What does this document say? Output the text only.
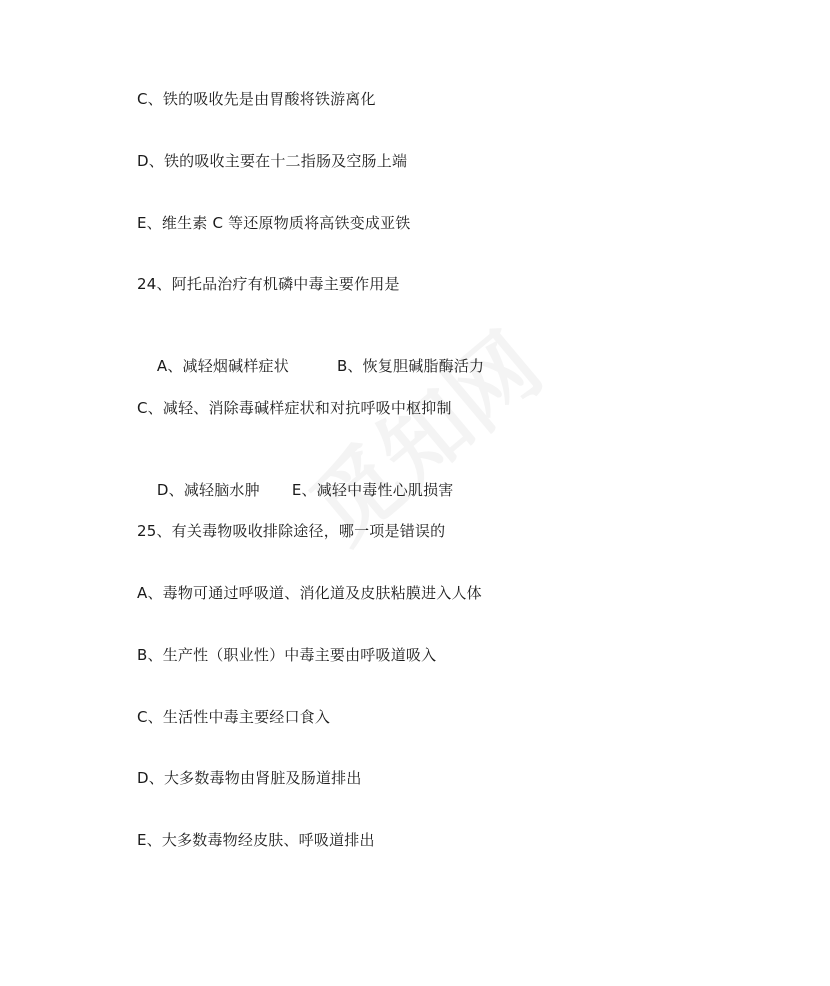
C、铁的吸收先是由胃酸将铁游离化
D、铁的吸收主要在十二指肠及空肠上端
E、维生素 C 等还原物质将高铁变成亚铁
24、阿托品治疗有机磷中毒主要作用是

A、减轻烟碱样症状	B、恢复胆碱脂酶活力

C、减轻、消除毒碱样症状和对抗呼吸中枢抑制

D、减轻脑水肿 E、减轻中毒性心肌损害

25、有关毒物吸收排除途径，哪一项是错误的
A、毒物可通过呼吸道、消化道及皮肤粘膜进入人体
B、生产性（职业性）中毒主要由呼吸道吸入
C、生活性中毒主要经口食入
D、大多数毒物由肾脏及肠道排出
E、大多数毒物经皮肤、呼吸道排出
